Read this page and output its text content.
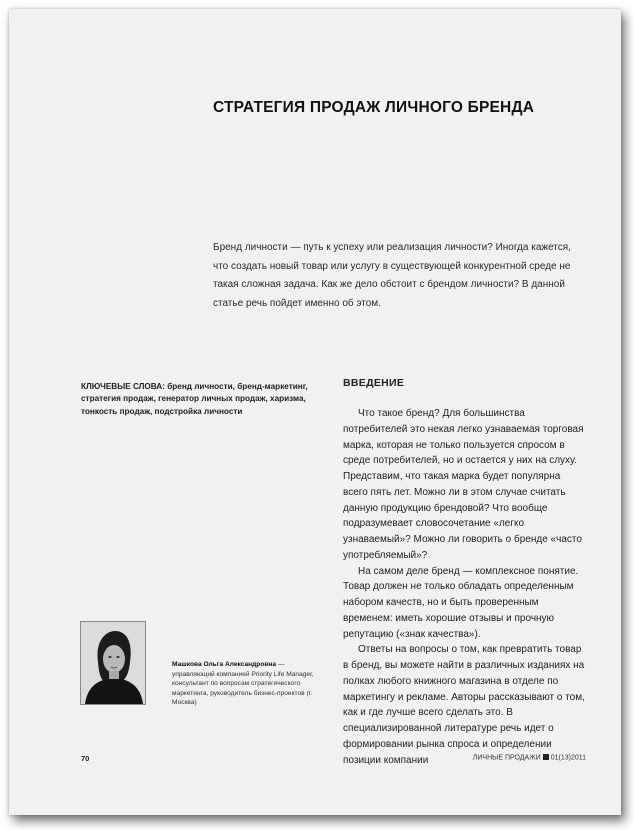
СТРАТЕГИЯ ПРОДАЖ ЛИЧНОГО БРЕНДА

Бренд личности — путь к успеху или реализация личности? Иногда кажется, что создать новый товар или услугу в существующей конкурентной среде не такая сложная задача. Как же дело обстоит с брендом личности? В данной статье речь пойдет именно об этом.

КЛЮЧЕВЫЕ СЛОВА: бренд личности, бренд-маркетинг, стратегия продаж, генератор личных продаж, харизма, тонкость продаж, подстройка личности
Машкова Ольга Александровна — управляющий компанией Priority Life Manager, консультант по вопросам стратегического маркетинга, руководитель бизнес-проектов (г. Москва)
ВВЕДЕНИЕ

Что такое бренд? Для большинства потребителей это некая легко узнаваемая торговая марка, которая не только пользуется спросом в среде потребителей, но и остается у них на слуху. Представим, что такая марка будет популярна всего пять лет. Можно ли в этом случае считать данную продукцию брендовой? Что вообще подразумевает словосочетание «легко узнаваемый»? Можно ли говорить о бренде «часто употребляемый»?

На самом деле бренд — комплексное понятие. Товар должен не только обладать определенным набором качеств, но и быть проверенным временем: иметь хорошие отзывы и прочную репутацию («знак качества»).

Ответы на вопросы о том, как превратить товар в бренд, вы можете найти в различных изданиях на полках любого книжного магазина в отделе по маркетингу и рекламе. Авторы рассказывают о том, как и где лучше всего сделать это. В специализированной литературе речь идет о формировании рынка спроса и определении позиции компании

70	ЛИЧНЫЕ ПРОДАЖИ 01(13)2011
